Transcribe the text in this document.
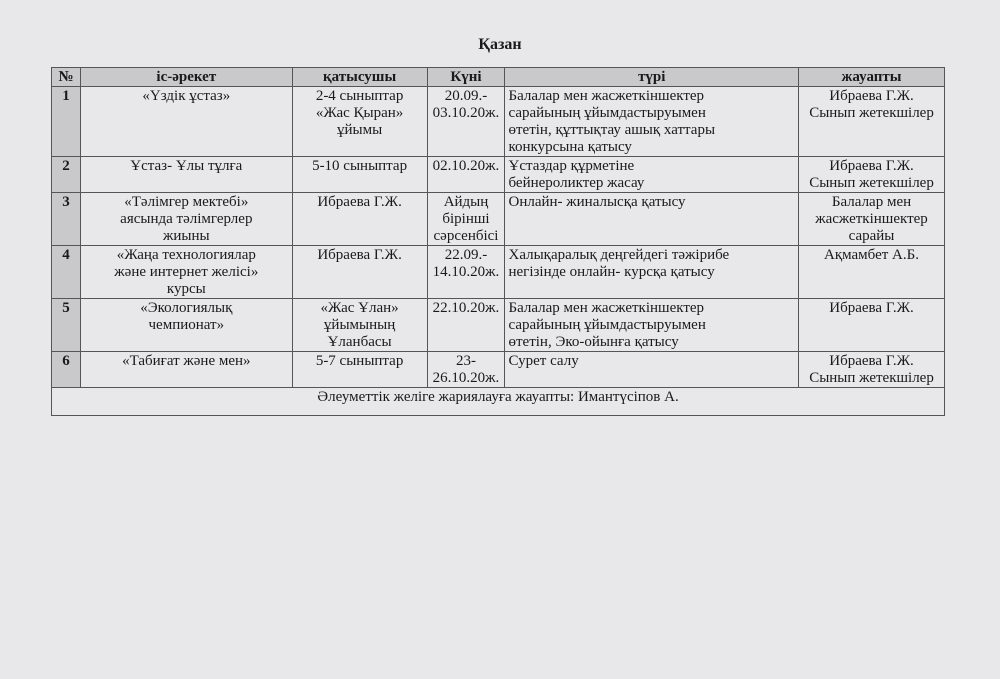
Қазан
№	іс-әрекет	қатысушы	Күні	түрі	жауапты
1	«Үздік ұстаз»	2-4 сыныптар
«Жас Қыран»
ұйымы	20.09.-
03.10.20ж.	Балалар мен жасжеткіншектер
сарайының ұйымдастыруымен
өтетін, құттықтау ашық хаттары
конкурсына қатысу	Ибраева Г.Ж.
Сынып жетекшілер

2	Ұстаз- Ұлы тұлға	5-10 сыныптар	02.10.20ж.	Ұстаздар құрметіне
бейнероликтер жасау	Ибраева Г.Ж.
Сынып жетекшілер

3	«Тәлімгер мектебі»
аясында тәлімгерлер
жиыны	Ибраева Г.Ж.	Айдың
бірінші
сәрсенбісі	Онлайн- жиналысқа қатысу	Балалар мен
жасжеткіншектер
сарайы

4	«Жаңа технологиялар
және интернет желісі»
курсы	Ибраева Г.Ж.	22.09.-
14.10.20ж.	Халықаралық деңгейдегі тәжірибе
негізінде онлайн- курсқа қатысу	Ақмамбет А.Б.

5	«Экологиялық
чемпионат»	«Жас Ұлан»
ұйымының
Ұланбасы	22.10.20ж.	Балалар мен жасжеткіншектер
сарайының ұйымдастыруымен
өтетін, Эко-ойынға қатысу	Ибраева Г.Ж.

6	«Табиғат және мен»	5-7 сыныптар	23-
26.10.20ж.	Сурет салу	Ибраева Г.Ж.
Сынып жетекшілер

Әлеуметтік желіге жариялауға жауапты: Имантүсіпов А.					
